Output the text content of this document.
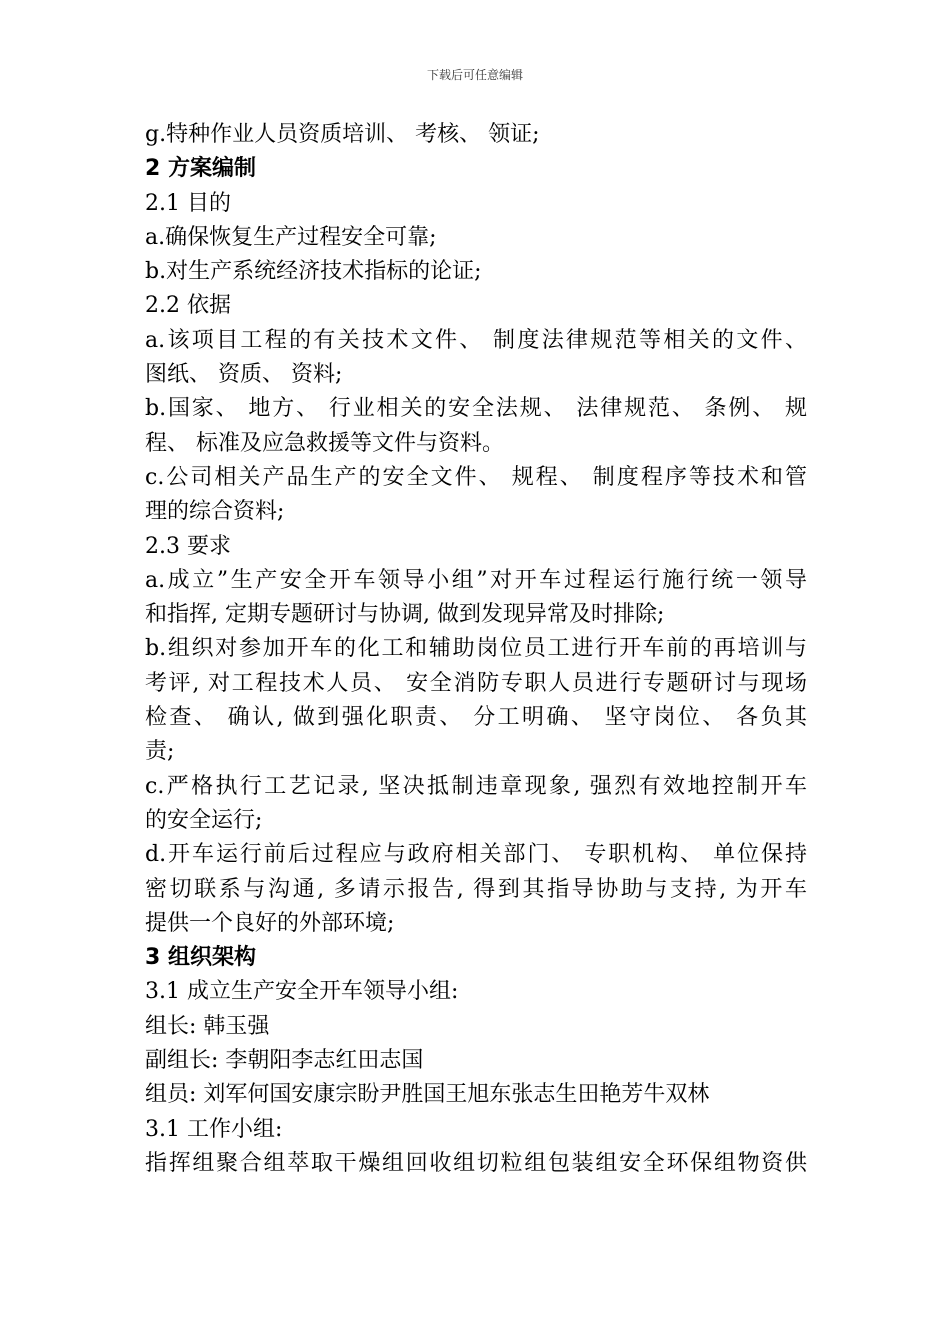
下载后可任意编辑
g.特种作业人员资质培训、 考核、 领证;
2 方案编制
2.1 目的
a.确保恢复生产过程安全可靠;
b.对生产系统经济技术指标的论证;
2.2 依据
a.该项目工程的有关技术文件、 制度法律规范等相关的文件、
图纸、 资质、 资料;
b.国家、 地方、 行业相关的安全法规、 法律规范、 条例、 规
程、 标准及应急救援等文件与资料。
c.公司相关产品生产的安全文件、 规程、 制度程序等技术和管
理的综合资料;
2.3 要求
a.成立”生产安全开车领导小组”对开车过程运行施行统一领导
和指挥, 定期专题研讨与协调, 做到发现异常及时排除;
b.组织对参加开车的化工和辅助岗位员工进行开车前的再培训与
考评, 对工程技术人员、 安全消防专职人员进行专题研讨与现场
检查、 确认, 做到强化职责、 分工明确、 坚守岗位、 各负其
责;
c.严格执行工艺记录, 坚决抵制违章现象, 强烈有效地控制开车
的安全运行;
d.开车运行前后过程应与政府相关部门、 专职机构、 单位保持
密切联系与沟通, 多请示报告, 得到其指导协助与支持, 为开车
提供一个良好的外部环境;
3 组织架构
3.1 成立生产安全开车领导小组:
组长: 韩玉强
副组长: 李朝阳李志红田志国
组员: 刘军何国安康宗盼尹胜国王旭东张志生田艳芳牛双林
3.1 工作小组:
指挥组聚合组萃取干燥组回收组切粒组包装组安全环保组物资供
